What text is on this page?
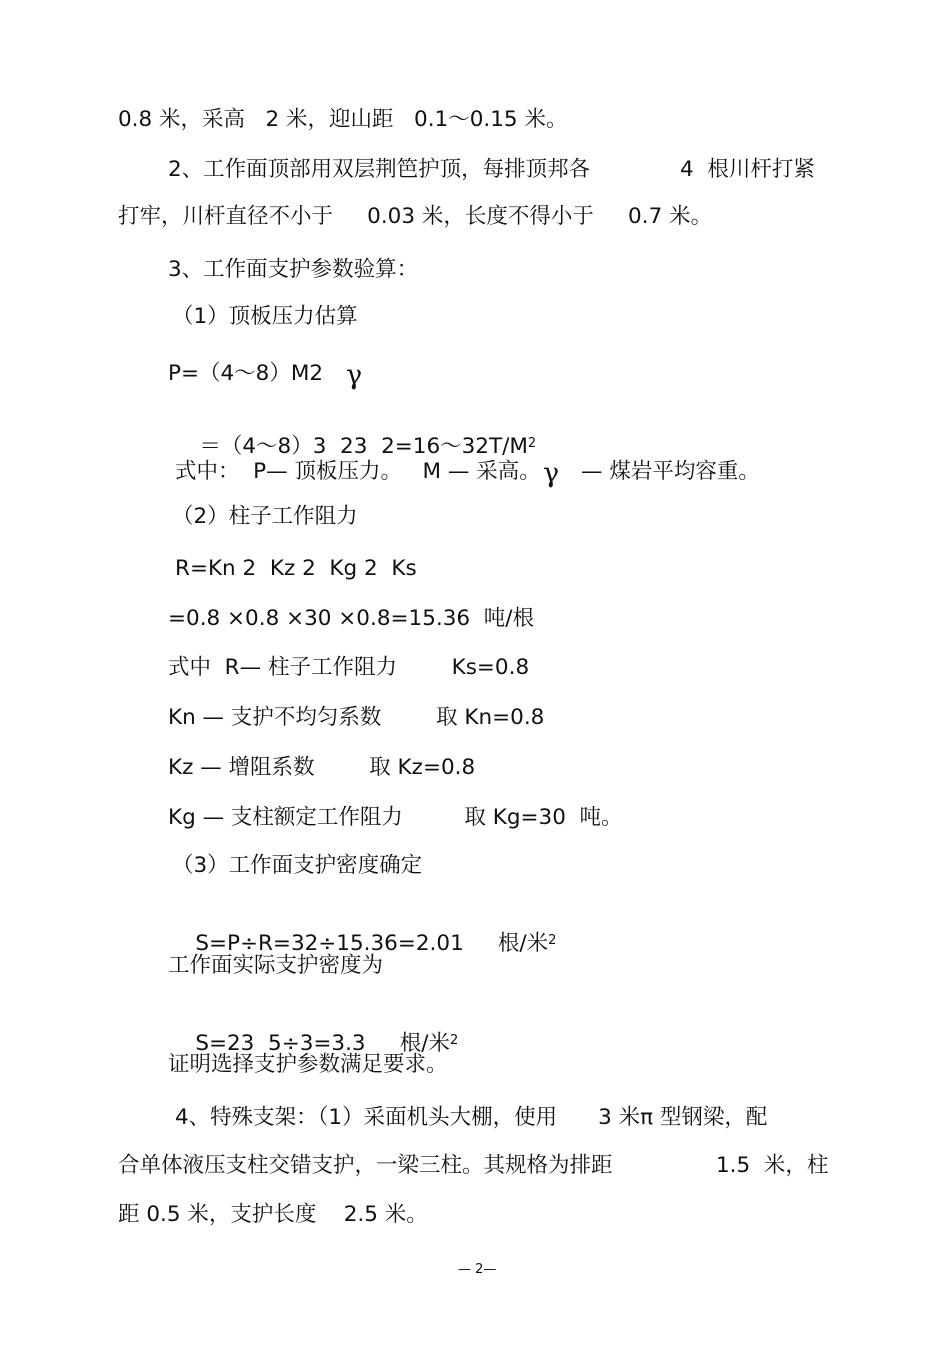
0.8 米，采高   2 米，迎山距   0.1～0.15 米。
2、工作面顶部用双层荆笆护顶，每排顶邦各	4  根川杆打紧
打牢，川杆直径不小于     0.03 米，长度不得小于     0.7 米。
3、工作面支护参数验算：
（1）顶板压力估算
P=（4～8）M2 γ

＝（4～8）3  23  $2=16\sim 32T/M^2$

式中：  P— 顶板压力。   M — 采高。 γ — 煤岩平均容重。
（2）柱子工作阻力
R=Kn 2  Kz 2  Kg 2  Ks
=0.8 ×0.8 ×30 ×0.8=15.36  吨/根
式中  R— 柱子工作阻力        Ks=0.8
Kn — 支护不均匀系数        取 Kn=0.8
Kz — 增阻系数        取 Kz=0.8
Kg — 支柱额定工作阻力         取 Kg=30  吨。
（3）工作面支护密度确定

S=P÷R=32÷15.36=2.01     根/米$^2$

工作面实际支护密度为

S=23  5÷3=3.3     根/米$^2$

证明选择支护参数满足要求。
4、特殊支架：（1）采面机头大棚，使用      3 米π 型钢梁，配
合单体液压支柱交错支护，一梁三柱。其规格为排距	1.5  米，柱
距 0.5 米，支护长度    2.5 米。
— 2—
